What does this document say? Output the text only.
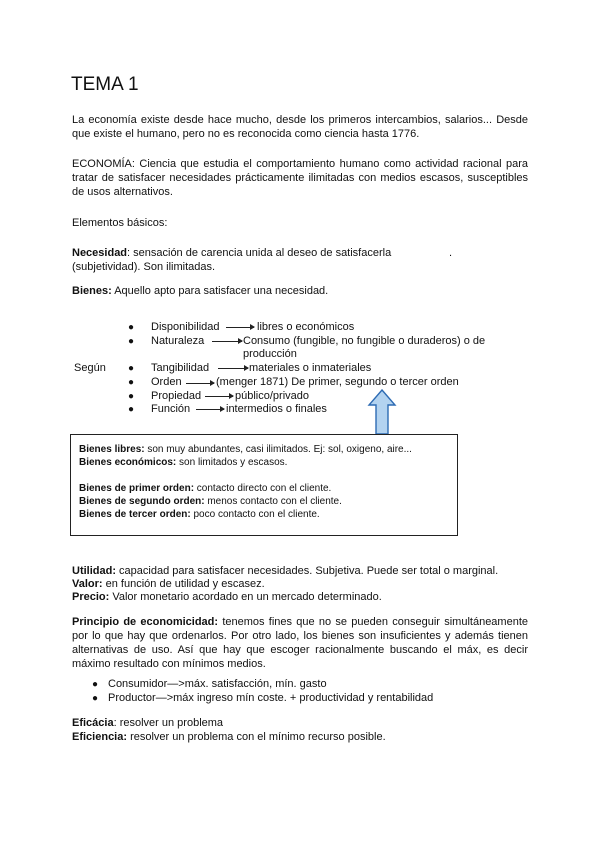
TEMA 1

La economía existe desde hace mucho, desde los primeros intercambios, salarios... Desde que existe el humano, pero no es reconocida como ciencia hasta 1776.

ECONOMÍA: Ciencia que estudia el comportamiento humano como actividad racional para tratar de satisfacer necesidades prácticamente ilimitadas con medios escasos, susceptibles de usos alternativos.

Elementos básicos:

Necesidad: sensación de carencia unida al deseo de satisfacerla	.

(subjetividad). Son ilimitadas.
Bienes: Aquello apto para satisfacer una necesidad.
Según
● Disponibilidad	libres o económicos
● Naturaleza	Consumo (fungible, no fungible o duraderos) o de
producción
● Tangibilidad	materiales o inmateriales
● Orden	(menger 1871) De primer, segundo o tercer orden
● Propiedad	público/privado
● Función	intermedios o finales
Bienes libres: son muy abundantes, casi ilimitados. Ej: sol, oxigeno, aire...
Bienes económicos: son limitados y escasos.
Bienes de primer orden: contacto directo con el cliente.
Bienes de segundo orden: menos contacto con el cliente.
Bienes de tercer orden: poco contacto con el cliente.
Utilidad: capacidad para satisfacer necesidades. Subjetiva. Puede ser total o marginal.
Valor: en función de utilidad y escasez.
Precio: Valor monetario acordado en un mercado determinado.
Principio de economicidad: tenemos fines que no se pueden conseguir simultáneamente por lo que hay que ordenarlos. Por otro lado, los bienes son insuficientes y además tienen alternativas de uso. Así que hay que escoger racionalmente buscando el máx, es decir máximo resultado con mínimos medios.
● Consumidor—>máx. satisfacción, mín. gasto
● Productor—>máx ingreso mín coste. + productividad y rentabilidad
Eficácia: resolver un problema
Eficiencia: resolver un problema con el mínimo recurso posible.
